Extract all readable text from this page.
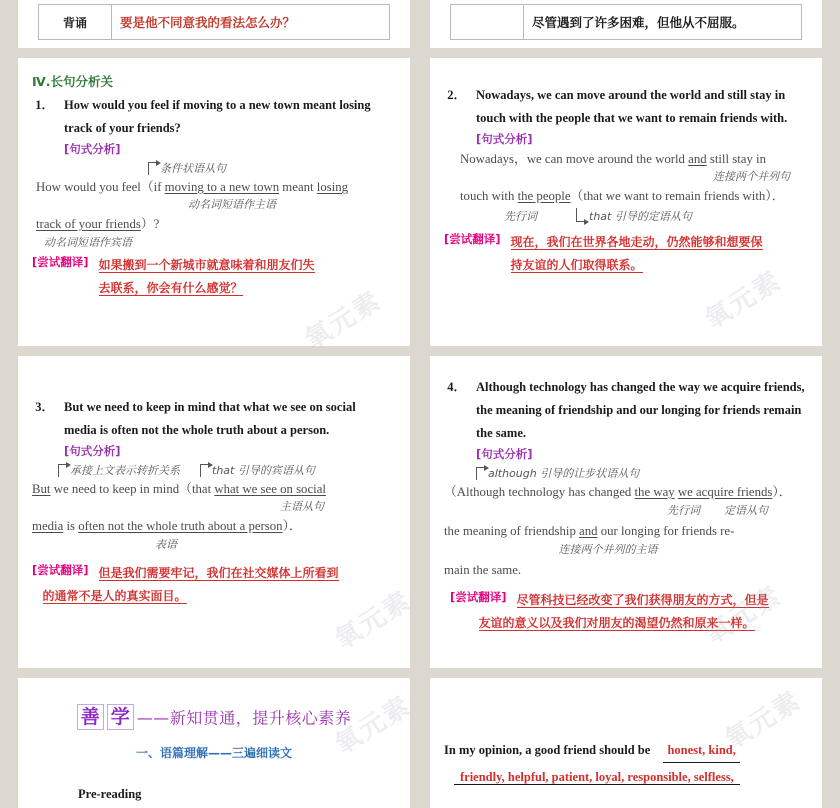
背诵	要是他不同意我的看法怎么办？
		尽管遇到了许多困难，但他从不屈服。
Ⅳ.长句分析关
1． How would you feel if moving to a new town meant losing
track of your friends?
[句式分析]
条件状语从句
How would you feel（if moving to a new town meant losing
动名词短语作主语
track of your friends）?
动名词短语作宾语
[尝试翻译] 如果搬到一个新城市就意味着和朋友们失
去联系，你会有什么感觉？
2． Nowadays, we can move around the world and still stay in
touch with the people that we want to remain friends with.
[句式分析]
Nowadays，we can move around the world and still stay in
连接两个并列句
touch with the people（that we want to remain friends with）．
先行词	that 引导的定语从句
[尝试翻译] 现在，我们在世界各地走动，仍然能够和想要保
持友谊的人们取得联系。
3． But we need to keep in mind that what we see on social
media is often not the whole truth about a person.
[句式分析]
承接上文表示转折关系	that 引导的宾语从句
But we need to keep in mind（that what we see on social
主语从句
media is often not the whole truth about a person）．
表语
[尝试翻译] 但是我们需要牢记，我们在社交媒体上所看到
的通常不是人的真实面目。
4． Although technology has changed the way we acquire friends,
the meaning of friendship and our longing for friends remain
the same.
[句式分析]
although 引导的让步状语从句
（Although technology has changed the way we acquire friends）．
先行词 定语从句
the meaning of friendship and our longing for friends re-
连接两个并列的主语
main the same.
[尝试翻译] 尽管科技已经改变了我们获得朋友的方式，但是
友谊的意义以及我们对朋友的渴望仍然和原来一样。
善 学 ——新知贯通，提升核心素养
一、语篇理解——三遍细读文
Pre-reading
In my opinion, a good friend should be honest, kind,
friendly, helpful, patient, loyal, responsible, selfless,
氧元素	氧元素
氧元素	氧元素
氧元素	氧元素
